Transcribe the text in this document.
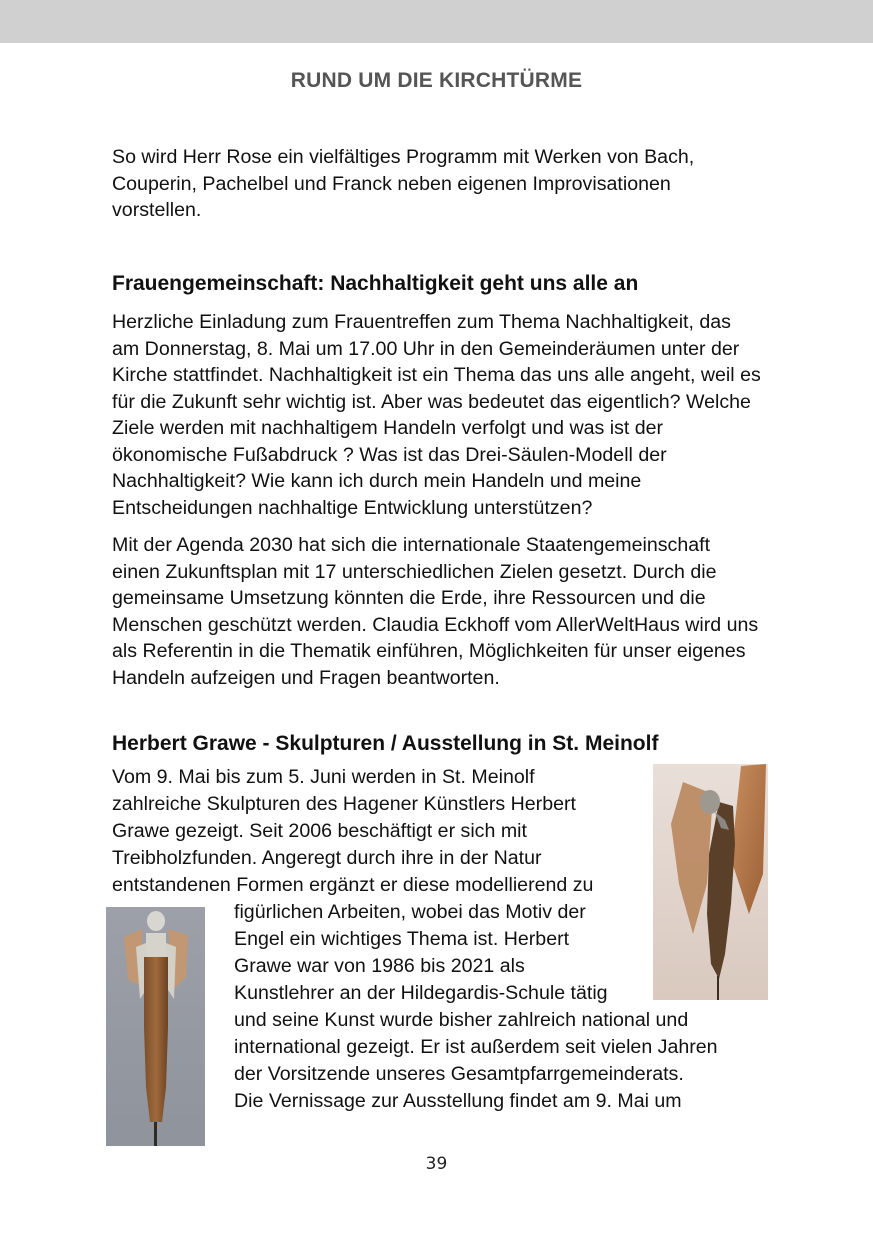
RUND UM DIE KIRCHTÜRME

So wird Herr Rose ein vielfältiges Programm mit Werken von Bach, Couperin, Pachelbel und Franck neben eigenen Improvisationen vorstellen.

Frauengemeinschaft: Nachhaltigkeit geht uns alle an

Herzliche Einladung zum Frauentreffen zum Thema Nachhaltigkeit, das am Donnerstag, 8. Mai um 17.00 Uhr in den Gemeinderäumen unter der Kirche stattfindet. Nachhaltigkeit ist ein Thema das uns alle angeht, weil es für die Zukunft sehr wichtig ist. Aber was bedeutet das eigentlich? Welche Ziele werden mit nachhaltigem Handeln verfolgt und was ist der ökonomische Fußabdruck ? Was ist das Drei-Säulen-Modell der Nachhaltigkeit? Wie kann ich durch mein Handeln und meine Entscheidungen nachhaltige Entwicklung unterstützen?

Mit der Agenda 2030 hat sich die internationale Staatengemeinschaft einen Zukunftsplan mit 17 unterschiedlichen Zielen gesetzt. Durch die gemeinsame Umsetzung könnten die Erde, ihre Ressourcen und die Menschen geschützt werden. Claudia Eckhoff vom AllerWeltHaus wird uns als Referentin in die Thematik einführen, Möglichkeiten für unser eigenes Handeln aufzeigen und Fragen beantworten.

Herbert Grawe - Skulpturen / Ausstellung in St. Meinolf
Vom 9. Mai bis zum 5. Juni werden in St. Meinolf
zahlreiche Skulpturen des Hagener Künstlers Herbert
Grawe gezeigt. Seit 2006 beschäftigt er sich mit
Treibholzfunden. Angeregt durch ihre in der Natur
entstandenen Formen ergänzt er diese modellierend zu
figürlichen Arbeiten, wobei das Motiv der
Engel ein wichtiges Thema ist. Herbert
Grawe war von 1986 bis 2021 als
Kunstlehrer an der Hildegardis-Schule tätig
und seine Kunst wurde bisher zahlreich national und
international gezeigt. Er ist außerdem seit vielen Jahren
der Vorsitzende unseres Gesamtpfarrgemeinderats.
Die Vernissage zur Ausstellung findet am 9. Mai um
39
